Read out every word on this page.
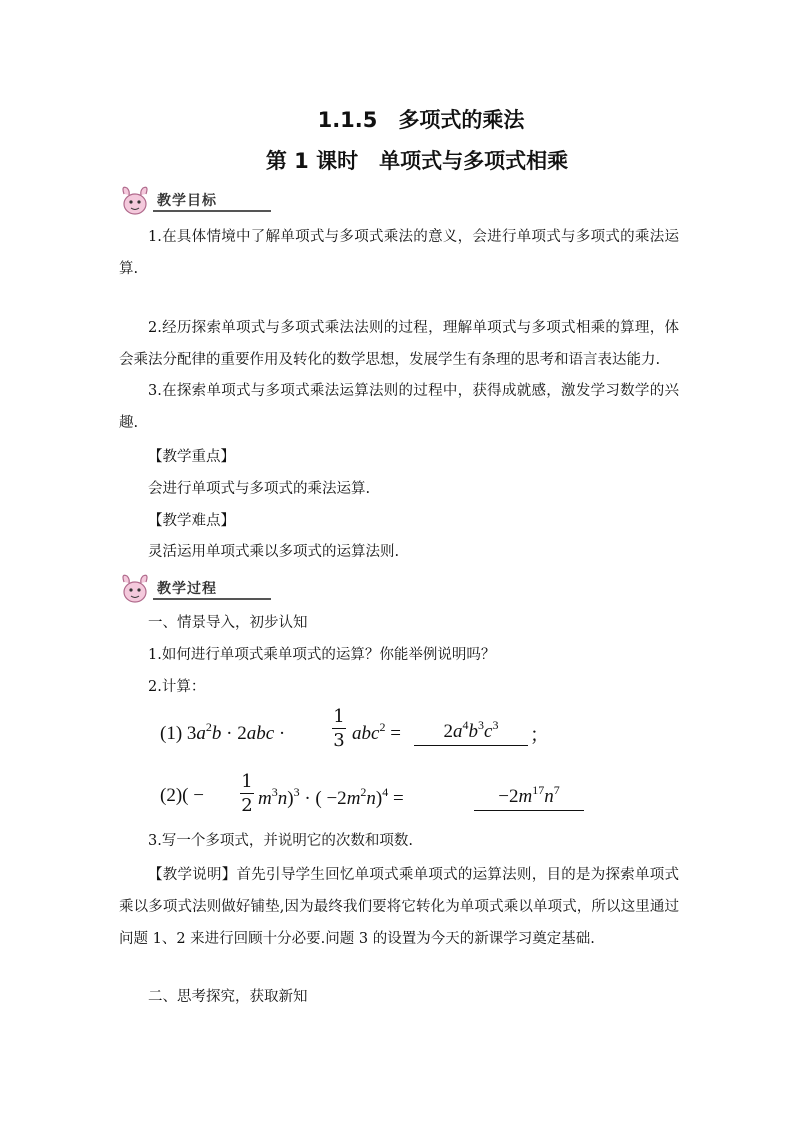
1.1.5　多项式的乘法
第 1 课时　单项式与多项式相乘
教学目标
1.在具体情境中了解单项式与多项式乘法的意义，会进行单项式与多项式的乘法运算.
2.经历探索单项式与多项式乘法法则的过程，理解单项式与多项式相乘的算理，体会乘法分配律的重要作用及转化的数学思想，发展学生有条理的思考和语言表达能力.
3.在探索单项式与多项式乘法运算法则的过程中，获得成就感，激发学习数学的兴趣.
【教学重点】
会进行单项式与多项式的乘法运算.
【教学难点】
灵活运用单项式乘以多项式的运算法则.
教学过程
一、情景导入，初步认知
1.如何进行单项式乘单项式的运算？你能举例说明吗？
2.计算：
(1) $3a^2b \cdot 2abc$ ·
1
3 abc$^2$ =	$2a^4b^3c^3$	；
(2)( −
1
2 $m^3n)^3$ · ( $-2m^2n)^4$ =	$-2m^{17}n^7$
3.写一个多项式，并说明它的次数和项数.
【教学说明】首先引导学生回忆单项式乘单项式的运算法则，目的是为探索单项式乘以多项式法则做好铺垫,因为最终我们要将它转化为单项式乘以单项式，所以这里通过问题 1、2 来进行回顾十分必要.问题 3 的设置为今天的新课学习奠定基础.
二、思考探究，获取新知
